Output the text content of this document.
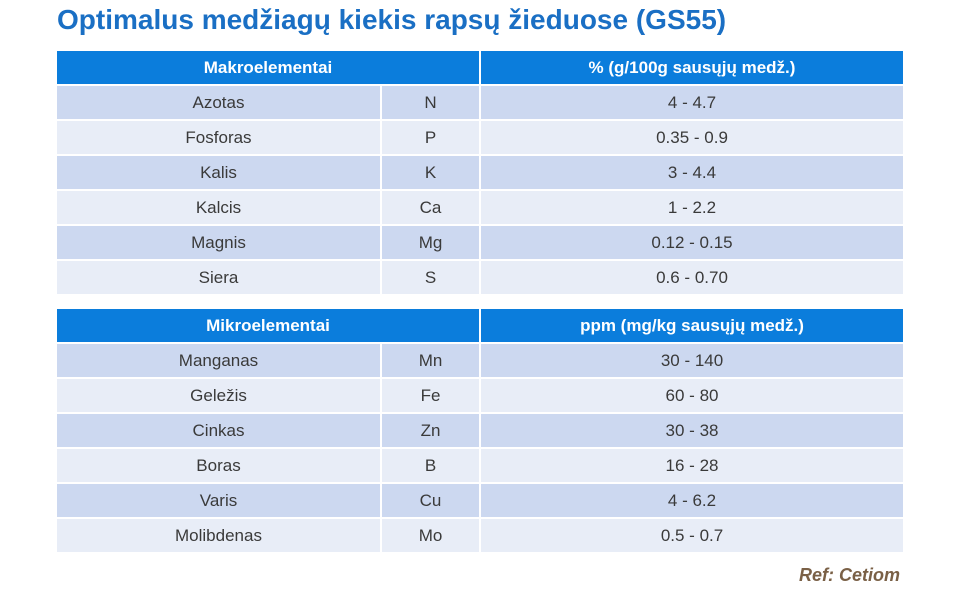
Optimalus medžiagų kiekis rapsų žieduose (GS55)
Makroelementai		% (g/100g sausųjų medž.)
Azotas	N	4 - 4.7
Fosforas	P	0.35 - 0.9
Kalis	K	3 - 4.4
Kalcis	Ca	1 - 2.2
Magnis	Mg	0.12 - 0.15
Siera	S	0.6 - 0.70
Mikroelementai		ppm (mg/kg sausųjų medž.)
Manganas	Mn	30 - 140
Geležis	Fe	60 - 80
Cinkas	Zn	30 - 38
Boras	B	16 - 28
Varis	Cu	4 - 6.2
Molibdenas	Mo	0.5 - 0.7
Ref: Cetiom
